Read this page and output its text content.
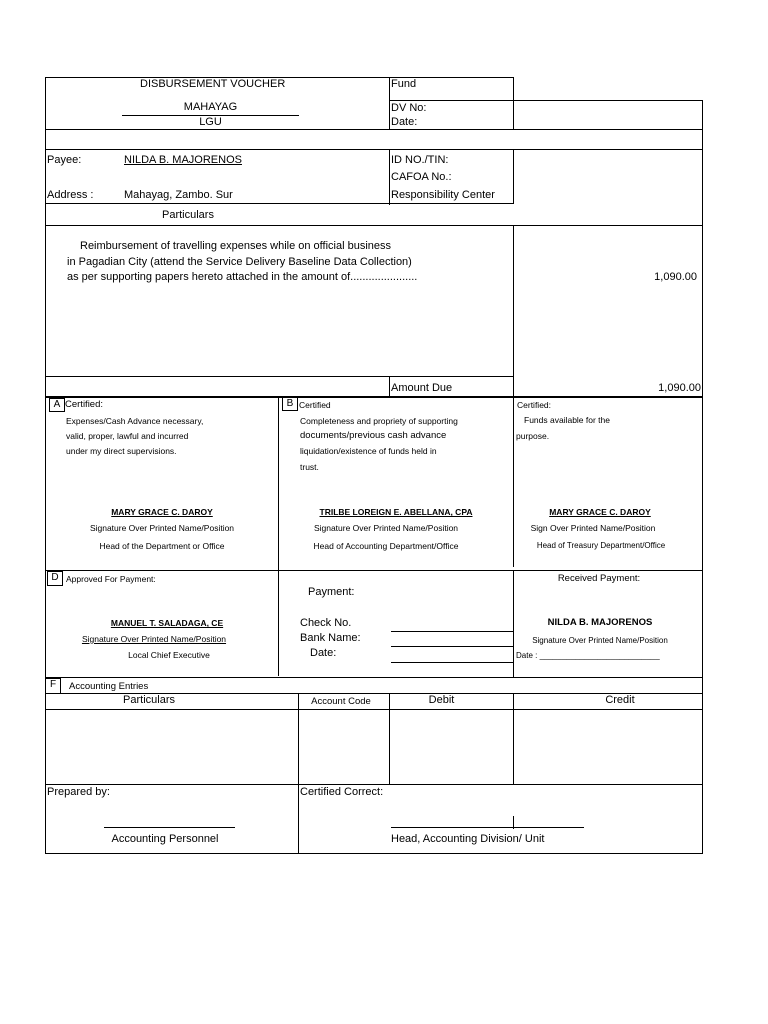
DISBURSEMENT VOUCHER
MAHAYAG
LGU
Fund
DV No:
Date:
Payee:	NILDA B. MAJORENOS
Address :	Mahayag, Zambo. Sur
ID NO./TIN:
CAFOA No.:
Responsibility Center
Particulars
Reimbursement of travelling expenses while on official business
in Pagadian City (attend the Service Delivery Baseline Data Collection)
as per supporting papers hereto attached in the amount of......................	1,090.00
Amount Due	1,090.00
A Certified:
Expenses/Cash Advance necessary,
valid, proper, lawful and incurred
under my direct supervisions.
MARY GRACE C. DAROY
Signature Over Printed Name/Position
Head of the Department or Office
B Certified
Completeness and propriety of supporting
documents/previous cash advance
liquidation/existence of funds held in
trust.
TRILBE LOREIGN E. ABELLANA, CPA
Signature Over Printed Name/Position
Head of Accounting Department/Office
Certified:
Funds available for the
purpose.
MARY GRACE C. DAROY
Sign Over Printed Name/Position
Head of Treasury Department/Office
D Approved For Payment:
MANUEL T. SALADAGA, CE
Signature Over Printed Name/Position
Local Chief Executive
Payment:
Check No.
Bank Name:
Date:
Received Payment:
NILDA B. MAJORENOS
Signature Over Printed Name/Position
Date : ___________________________
F	Accounting Entries
Particulars	Account Code	Debit	Credit
Prepared by:
Accounting Personnel
Certified Correct:
Head, Accounting Division/ Unit
